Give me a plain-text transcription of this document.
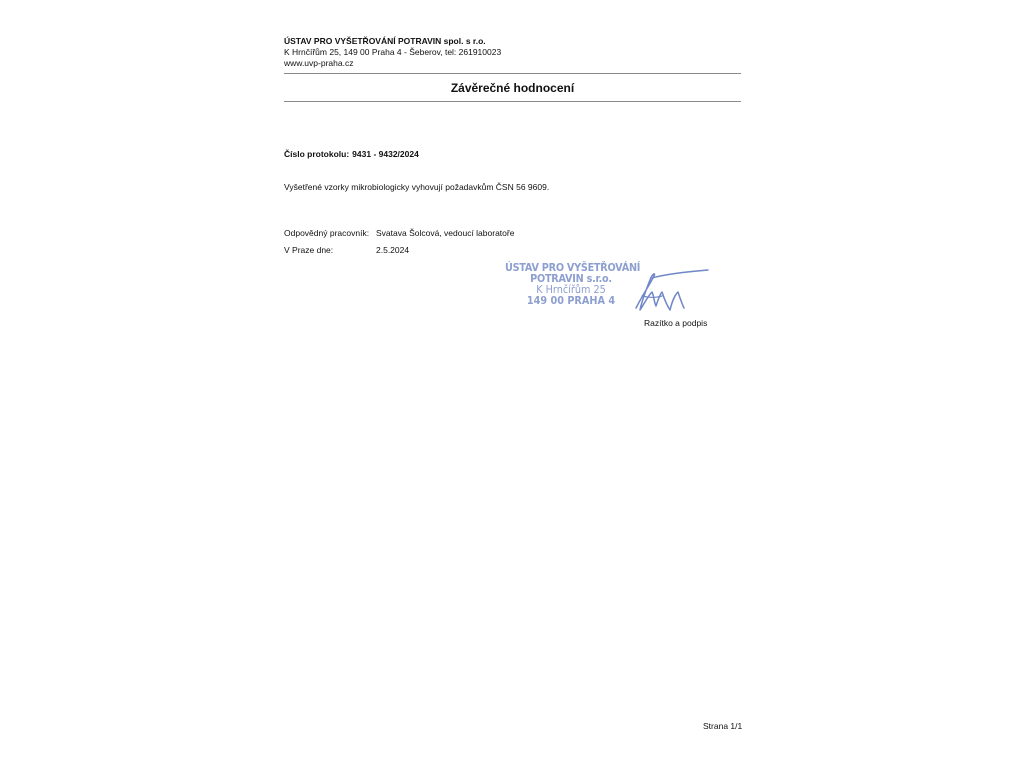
ÚSTAV PRO VYŠETŘOVÁNÍ POTRAVIN spol. s r.o.
K Hrnčířům 25, 149 00 Praha 4 - Šeberov, tel: 261910023
www.uvp-praha.cz
Závěrečné hodnocení
Číslo protokolu: 9431 - 9432/2024
Vyšetřené vzorky mikrobiologicky vyhovují požadavkům ČSN 56 9609.
Odpovědný pracovník: Svatava Šolcová, vedoucí laboratoře
V Praze dne:	2.5.2024
ÚSTAV PRO VYŠETŘOVÁNÍ
POTRAVIN s.r.o.
K Hrnčířům 25
149 00 PRAHA 4
Razítko a podpis
Strana 1/1
